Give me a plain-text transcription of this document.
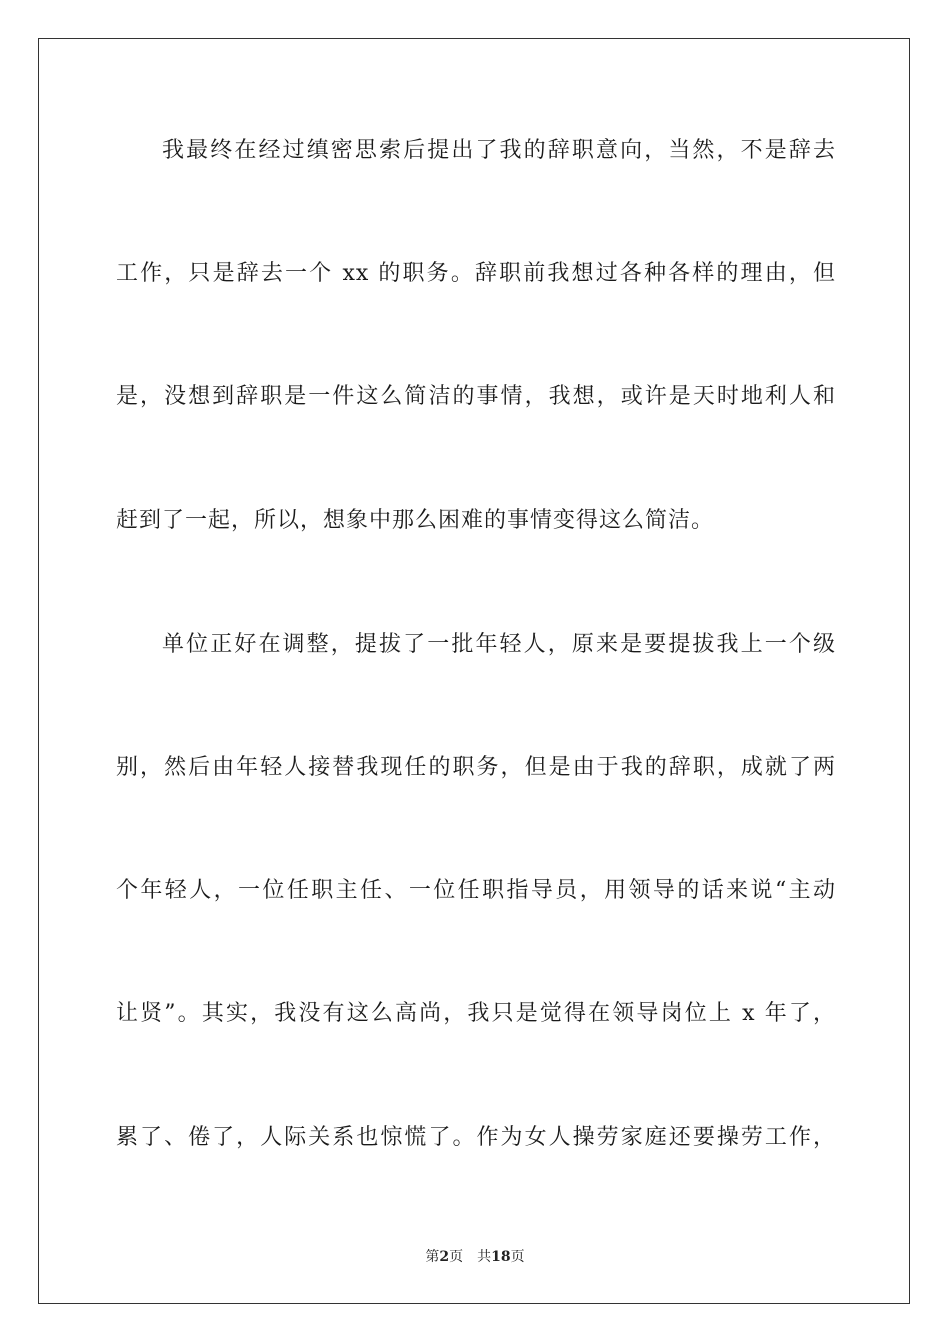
我最终在经过缜密思索后提出了我的辞职意向，当然，不是辞去
工作，只是辞去一个 xx 的职务。辞职前我想过各种各样的理由，但
是，没想到辞职是一件这么简洁的事情，我想，或许是天时地利人和
赶到了一起，所以，想象中那么困难的事情变得这么简洁。
单位正好在调整，提拔了一批年轻人，原来是要提拔我上一个级
别，然后由年轻人接替我现任的职务，但是由于我的辞职，成就了两
个年轻人，一位任职主任、一位任职指导员，用领导的话来说“主动
让贤”。其实，我没有这么高尚，我只是觉得在领导岗位上 x 年了，
累了、倦了，人际关系也惊慌了。作为女人操劳家庭还要操劳工作，
第2页 共18页
